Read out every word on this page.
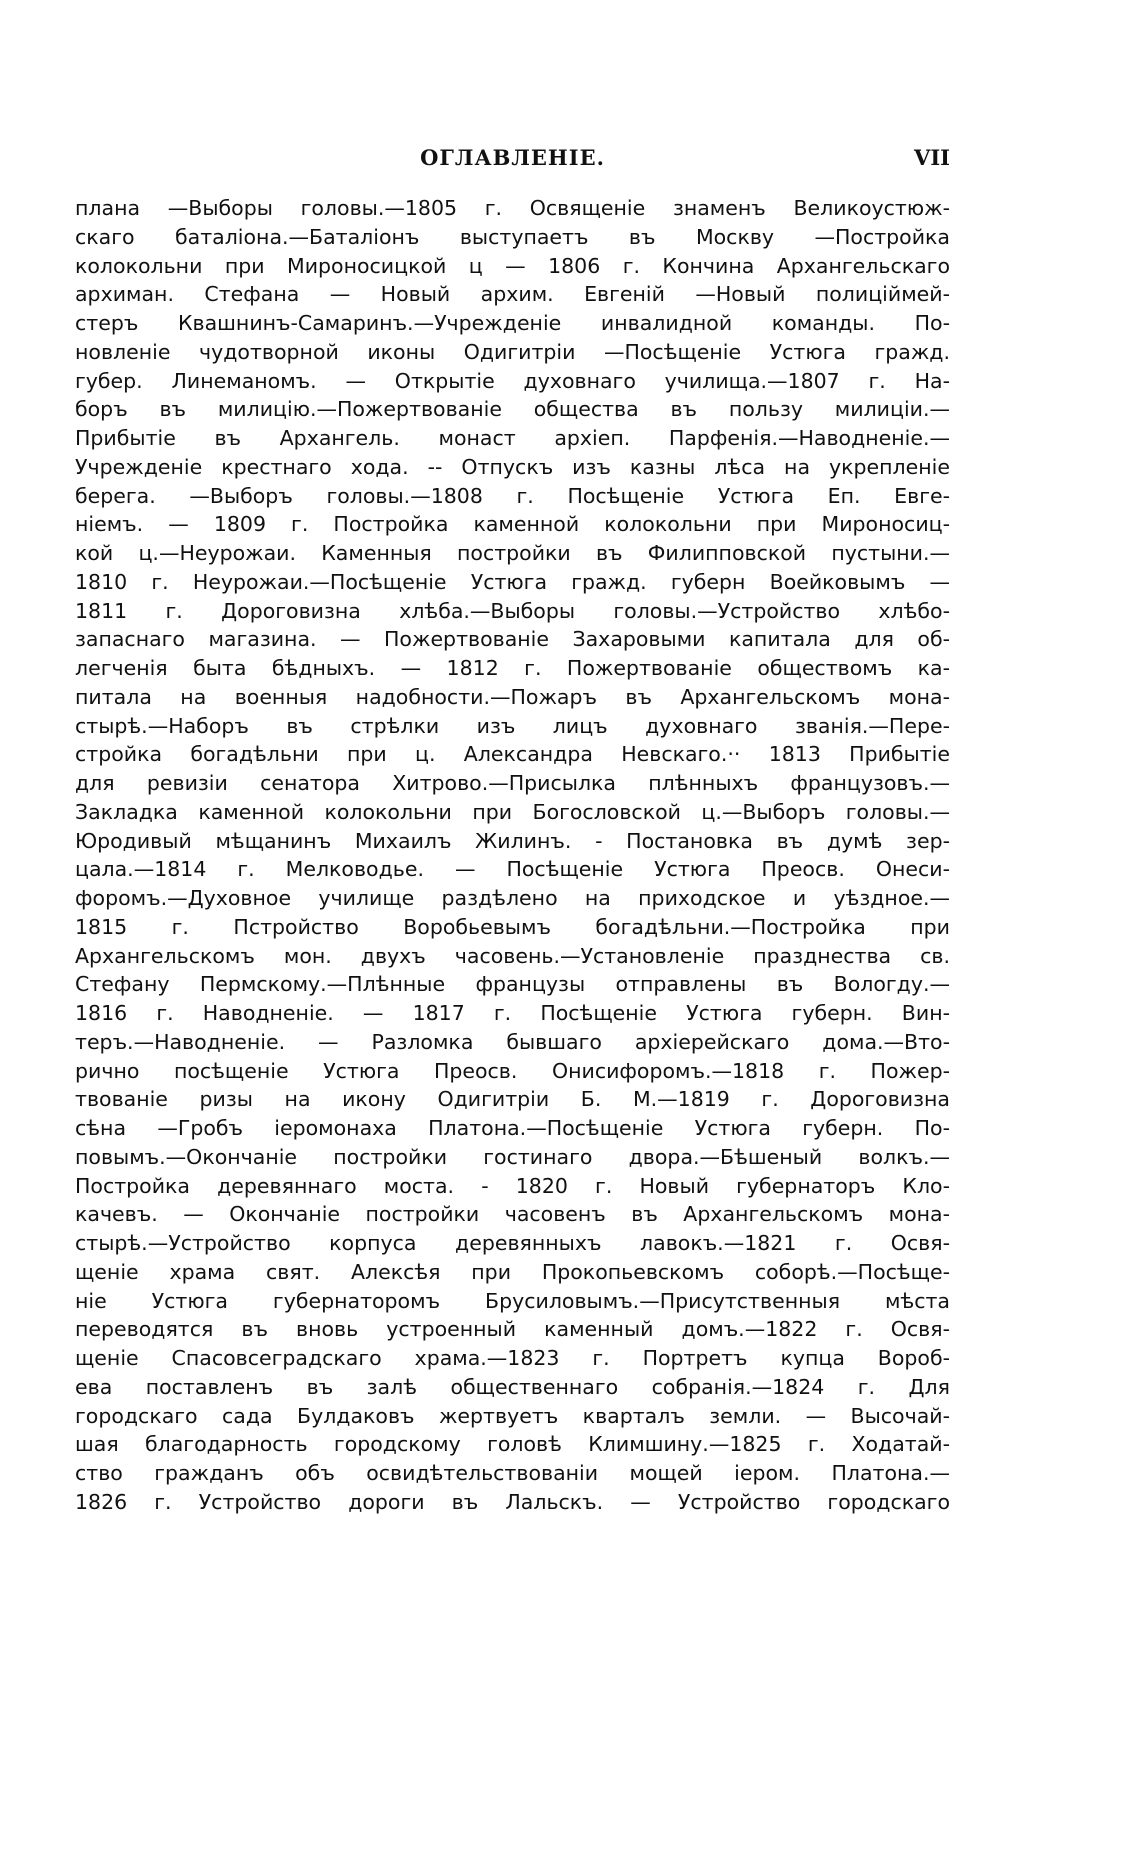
ОГЛАВЛЕНІЕ.	VII
плана —Выборы головы.—1805 г. Освященіе знаменъ Великоустюж-
скаго баталіона.—Баталіонъ выступаетъ въ Москву —Постройка
колокольни при Мироносицкой ц — 1806 г. Кончина Архангельскаго
архиман. Стефана — Новый архим. Евгеній —Новый полиціймей-
стеръ Квашнинъ-Самаринъ.—Учрежденіе инвалидной команды. По-
новленіе чудотворной иконы Одигитріи —Посѣщеніе Устюга гражд.
губер. Линеманомъ. — Открытіе духовнаго училища.—1807 г. На-
боръ въ милицію.—Пожертвованіе общества въ пользу милиціи.—
Прибытіе въ Архангель. монаст архіеп. Парфенія.—Наводненіе.—
Учрежденіе крестнаго хода. -- Отпускъ изъ казны лѣса на укрепленіе
берега. —Выборъ головы.—1808 г. Посѣщеніе Устюга Еп. Евге-
ніемъ. — 1809 г. Постройка каменной колокольни при Мироносиц-
кой ц.—Неурожаи. Каменныя постройки въ Филипповской пустыни.—
1810 г. Неурожаи.—Посѣщеніе Устюга гражд. губерн Воейковымъ —
1811 г. Дороговизна хлѣба.—Выборы головы.—Устройство хлѣбо-
запаснаго магазина. — Пожертвованіе Захаровыми капитала для об-
легченія быта бѣдныхъ. — 1812 г. Пожертвованіе обществомъ ка-
питала на военныя надобности.—Пожаръ въ Архангельскомъ мона-
стырѣ.—Наборъ въ стрѣлки изъ лицъ духовнаго званія.—Пере-
стройка богадѣльни при ц. Александра Невскаго.·· 1813 Прибытіе
для ревизіи сенатора Хитрово.—Присылка плѣнныхъ французовъ.—
Закладка каменной колокольни при Богословской ц.—Выборъ головы.—
Юродивый мѣщанинъ Михаилъ Жилинъ. - Постановка въ думѣ зер-
цала.—1814 г. Мелководье. — Посѣщеніе Устюга Преосв. Онеси-
форомъ.—Духовное училище раздѣлено на приходское и уѣздное.—
1815 г. Пстройство Воробьевымъ богадѣльни.—Постройка при
Архангельскомъ мон. двухъ часовень.—Установленіе празднества св.
Стефану Пермскому.—Плѣнные французы отправлены въ Вологду.—
1816 г. Наводненіе. — 1817 г. Посѣщеніе Устюга губерн. Вин-
теръ.—Наводненіе. — Разломка бывшаго архіерейскаго дома.—Вто-
рично посѣщеніе Устюга Преосв. Онисифоромъ.—1818 г. Пожер-
твованіе ризы на икону Одигитріи Б. М.—1819 г. Дороговизна
сѣна —Гробъ іеромонаха Платона.—Посѣщеніе Устюга губерн. По-
повымъ.—Окончаніе постройки гостинаго двора.—Бѣшеный волкъ.—
Постройка деревяннаго моста. - 1820 г. Новый губернаторъ Кло-
качевъ. — Окончаніе постройки часовенъ въ Архангельскомъ мона-
стырѣ.—Устройство корпуса деревянныхъ лавокъ.—1821 г. Освя-
щеніе храма свят. Алексѣя при Прокопьевскомъ соборѣ.—Посѣще-
ніе Устюга губернаторомъ Брусиловымъ.—Присутственныя мѣста
переводятся въ вновь устроенный каменный домъ.—1822 г. Освя-
щеніе Спасовсеградскаго храма.—1823 г. Портретъ купца Вороб-
ева поставленъ въ залѣ общественнаго собранія.—1824 г. Для
городскаго сада Булдаковъ жертвуетъ кварталъ земли. — Высочай-
шая благодарность городскому головѣ Климшину.—1825 г. Ходатай-
ство гражданъ объ освидѣтельствованіи мощей іером. Платона.—
1826 г. Устройство дороги въ Лальскъ. — Устройство городскаго
